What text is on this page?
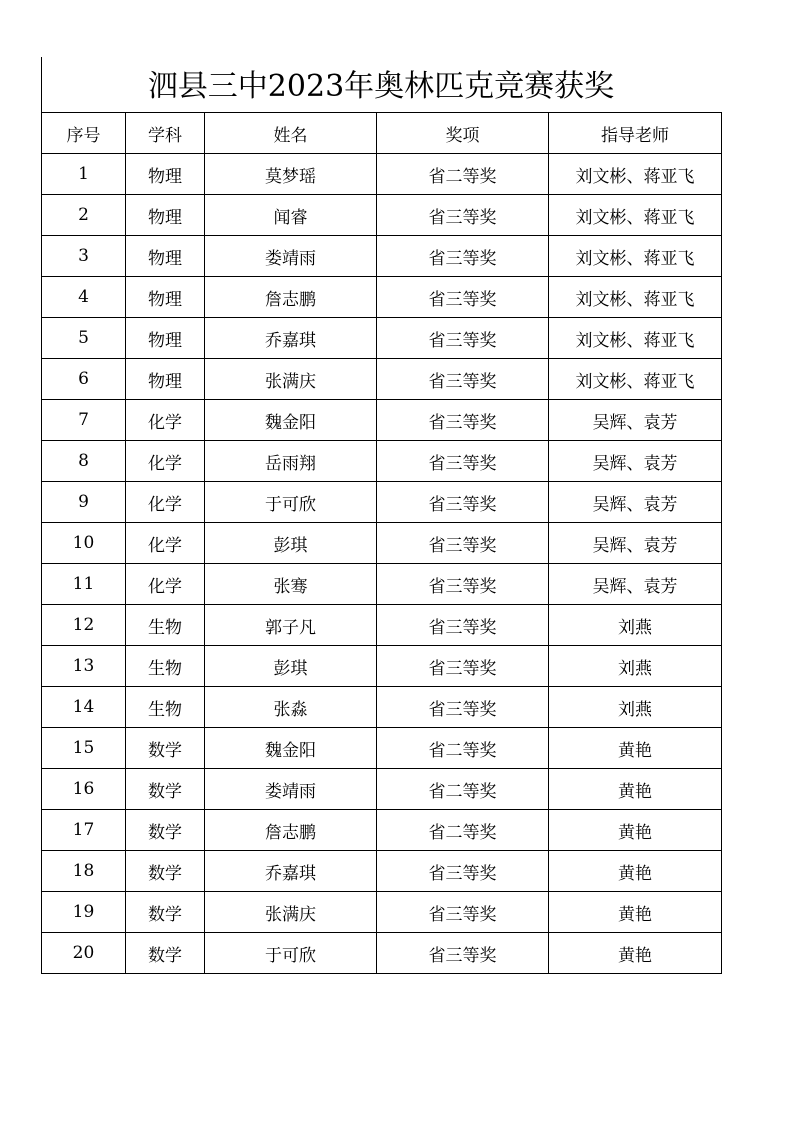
泗县三中2023年奥林匹克竞赛获奖
序号	学科	姓名	奖项	指导老师
1	物理	莫梦瑶	省二等奖	刘文彬、蒋亚飞
2	物理	闻睿	省三等奖	刘文彬、蒋亚飞
3	物理	娄靖雨	省三等奖	刘文彬、蒋亚飞
4	物理	詹志鹏	省三等奖	刘文彬、蒋亚飞
5	物理	乔嘉琪	省三等奖	刘文彬、蒋亚飞
6	物理	张满庆	省三等奖	刘文彬、蒋亚飞
7	化学	魏金阳	省三等奖	吴辉、袁芳
8	化学	岳雨翔	省三等奖	吴辉、袁芳
9	化学	于可欣	省三等奖	吴辉、袁芳
10	化学	彭琪	省三等奖	吴辉、袁芳
11	化学	张骞	省三等奖	吴辉、袁芳
12	生物	郭子凡	省三等奖	刘燕
13	生物	彭琪	省三等奖	刘燕
14	生物	张淼	省三等奖	刘燕
15	数学	魏金阳	省二等奖	黄艳
16	数学	娄靖雨	省二等奖	黄艳
17	数学	詹志鹏	省二等奖	黄艳
18	数学	乔嘉琪	省三等奖	黄艳
19	数学	张满庆	省三等奖	黄艳
20	数学	于可欣	省三等奖	黄艳
